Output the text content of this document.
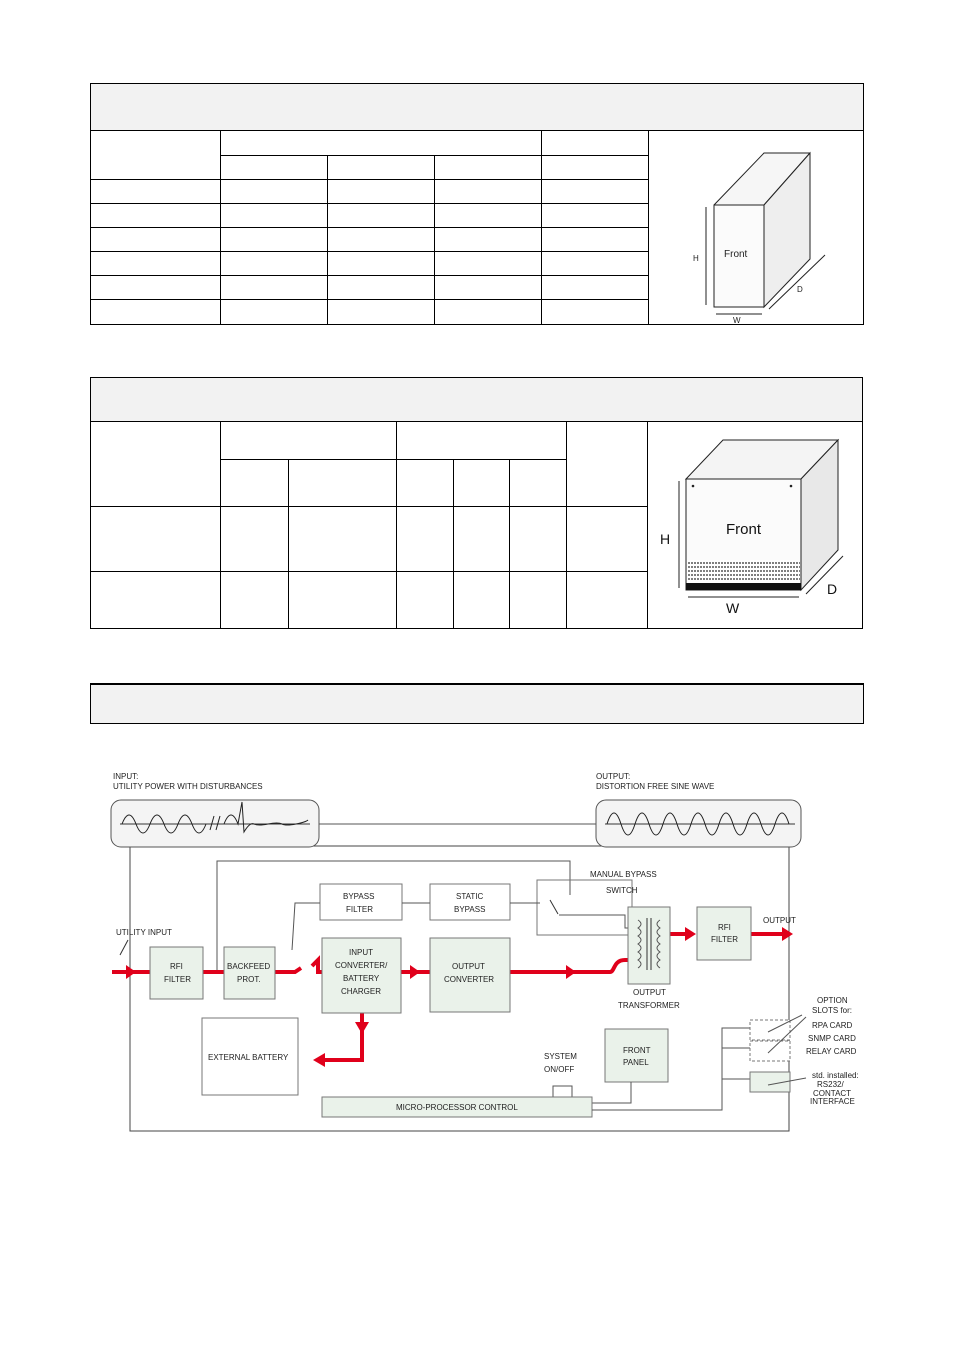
Front
H
W
D

Front
H
W
D
INPUT:
UTILITY POWER WITH DISTURBANCES
OUTPUT:
DISTORTION FREE SINE WAVE
MANUAL BYPASS
SWITCH
BYPASS
FILTER
STATIC
BYPASS
UTILITY INPUT
RFI
FILTER
BACKFEED
PROT.
INPUT
CONVERTER/
BATTERY
CHARGER
OUTPUT
CONVERTER
OUTPUT
TRANSFORMER
RFI
FILTER
OUTPUT
EXTERNAL BATTERY	SYSTEM
ON/OFF
FRONT
PANEL
MICRO-PROCESSOR CONTROL
OPTION
SLOTS for:
RPA CARD
SNMP CARD
RELAY CARD
std. installed:
RS232/
CONTACT
INTERFACE
